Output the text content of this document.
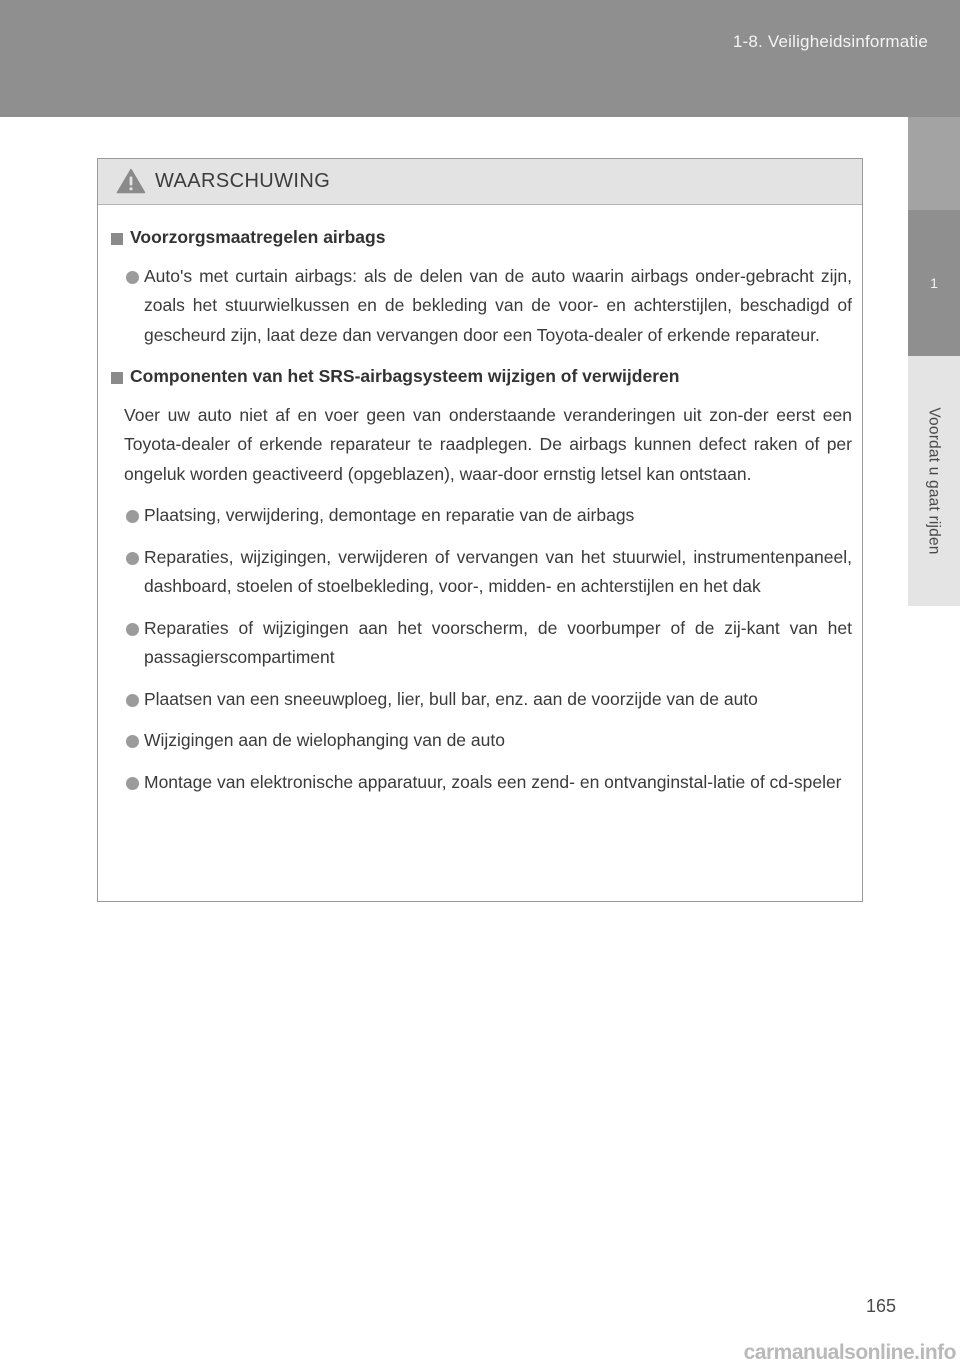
1-8. Veiligheidsinformatie
1
Voordat u gaat rijden
WAARSCHUWING
Voorzorgsmaatregelen airbags
Auto's met curtain airbags: als de delen van de auto waarin airbags onder-gebracht zijn, zoals het stuurwielkussen en de bekleding van de voor- en achterstijlen, beschadigd of gescheurd zijn, laat deze dan vervangen door een Toyota-dealer of erkende reparateur.
Componenten van het SRS-airbagsysteem wijzigen of verwijderen
Voer uw auto niet af en voer geen van onderstaande veranderingen uit zon-der eerst een Toyota-dealer of erkende reparateur te raadplegen. De airbags kunnen defect raken of per ongeluk worden geactiveerd (opgeblazen), waar-door ernstig letsel kan ontstaan.
Plaatsing, verwijdering, demontage en reparatie van de airbags
Reparaties, wijzigingen, verwijderen of vervangen van het stuurwiel, instrumentenpaneel, dashboard, stoelen of stoelbekleding, voor-, midden- en achterstijlen en het dak
Reparaties of wijzigingen aan het voorscherm, de voorbumper of de zij-kant van het passagierscompartiment
Plaatsen van een sneeuwploeg, lier, bull bar, enz. aan de voorzijde van de auto
Wijzigingen aan de wielophanging van de auto
Montage van elektronische apparatuur, zoals een zend- en ontvanginstal-latie of cd-speler
165
carmanualsonline.info
